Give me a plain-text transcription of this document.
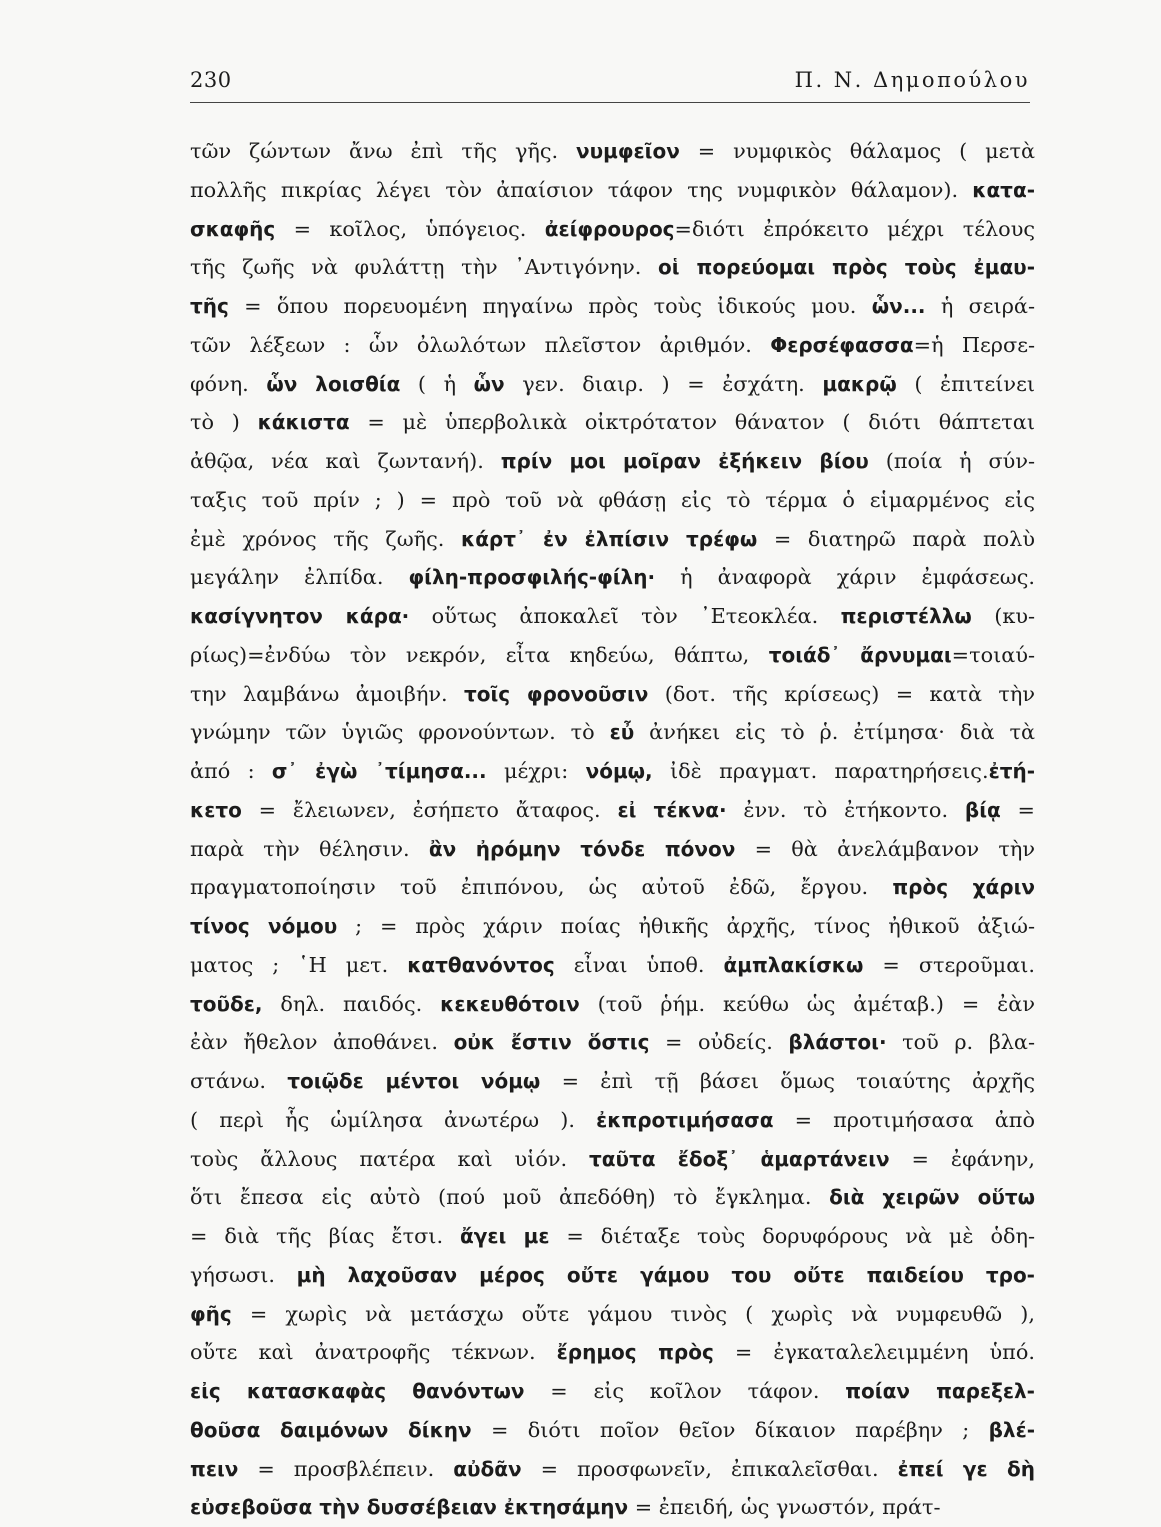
230	Π. Ν. Δημοπούλου
τῶν ζώντων ἄνω ἐπὶ τῆς γῆς. νυμφεῖον = νυμφικὸς θάλαμος ( μετὰ
πολλῆς πικρίας λέγει τὸν ἀπαίσιον τάφον της νυμφικὸν θάλαμον). κατα-
σκαφῆς = κοῖλος, ὑπόγειος. ἀείφρουρος=διότι ἐπρόκειτο μέχρι τέλους
τῆς ζωῆς νὰ φυλάττῃ τὴν ᾿Αντιγόνην. οἱ πορεύομαι πρὸς τοὺς ἐμαυ-
τῆς = ὅπου πορευομένη πηγαίνω πρὸς τοὺς ἰδικούς μου. ὧν... ἡ σειρά-
τῶν λέξεων : ὧν ὀλωλότων πλεῖστον ἀριθμόν. Φερσέφασσα=ἡ Περσε-
φόνη. ὧν λοισθία ( ἡ ὧν γεν. διαιρ. ) = ἐσχάτη. μακρῷ ( ἐπιτείνει
τὸ ) κάκιστα = μὲ ὑπερβολικὰ οἰκτρότατον θάνατον ( διότι θάπτεται
ἀθῷα, νέα καὶ ζωντανή). πρίν μοι μοῖραν ἐξήκειν βίου (ποία ἡ σύν-
ταξις τοῦ πρίν ; ) = πρὸ τοῦ νὰ φθάσῃ εἰς τὸ τέρμα ὁ εἱμαρμένος εἰς
ἐμὲ χρόνος τῆς ζωῆς. κάρτ᾽ ἐν ἐλπίσιν τρέφω = διατηρῶ παρὰ πολὺ
μεγάλην ἐλπίδα. φίλη-προσφιλής-φίλη· ἡ ἀναφορὰ χάριν ἐμφάσεως.
κασίγνητον κάρα· οὕτως ἀποκαλεῖ τὸν ᾿Ετεοκλέα. περιστέλλω (κυ-
ρίως)=ἐνδύω τὸν νεκρόν, εἶτα κηδεύω, θάπτω, τοιάδ᾽ ἄρνυμαι=τοιαύ-
την λαμβάνω ἀμοιβήν. τοῖς φρονοῦσιν (δοτ. τῆς κρίσεως) = κατὰ τὴν
γνώμην τῶν ὑγιῶς φρονούντων. τὸ εὖ ἀνήκει εἰς τὸ ῥ. ἐτίμησα· διὰ τὰ
ἀπό : σ᾽ ἐγὼ ᾽τίμησα... μέχρι: νόμῳ, ἰδὲ πραγματ. παρατηρήσεις.ἐτή-
κετο = ἔλειωνεν, ἐσήπετο ἄταφος. εἰ τέκνα· ἐνν. τὸ ἐτήκοντο. βίᾳ =
παρὰ τὴν θέλησιν. ἂν ἠρόμην τόνδε πόνον = θὰ ἀνελάμβανον τὴν
πραγματοποίησιν τοῦ ἐπιπόνου, ὡς αὐτοῦ ἐδῶ, ἔργου. πρὸς χάριν
τίνος νόμου ; = πρὸς χάριν ποίας ἠθικῆς ἀρχῆς, τίνος ἠθικοῦ ἀξιώ-
ματος ; ῾Η μετ. κατθανόντος εἶναι ὑποθ. ἀμπλακίσκω = στεροῦμαι.
τοῦδε, δηλ. παιδός. κεκευθότοιν (τοῦ ῥήμ. κεύθω ὡς ἀμέταβ.) = ἐὰν
ἐὰν ἤθελον ἀποθάνει. οὐκ ἔστιν ὅστις = οὐδείς. βλάστοι· τοῦ ρ. βλα-
στάνω. τοιῷδε μέντοι νόμῳ = ἐπὶ τῇ βάσει ὅμως τοιαύτης ἀρχῆς
( περὶ ἧς ὡμίλησα ἀνωτέρω ). ἐκπροτιμήσασα = προτιμήσασα ἀπὸ
τοὺς ἄλλους πατέρα καὶ υἱόν. ταῦτα ἔδοξ᾽ ἁμαρτάνειν = ἐφάνην,
ὅτι ἔπεσα εἰς αὐτὸ (πού μοῦ ἀπεδόθη) τὸ ἔγκλημα. διὰ χειρῶν οὕτω
= διὰ τῆς βίας ἔτσι. ἄγει με = διέταξε τοὺς δορυφόρους νὰ μὲ ὁδη-
γήσωσι. μὴ λαχοῦσαν μέρος οὔτε γάμου του οὔτε παιδείου τρο-
φῆς = χωρὶς νὰ μετάσχω οὔτε γάμου τινὸς ( χωρὶς νὰ νυμφευθῶ ),
οὔτε καὶ ἀνατροφῆς τέκνων. ἔρημος πρὸς = ἐγκαταλελειμμένη ὑπό.
εἰς κατασκαφὰς θανόντων = εἰς κοῖλον τάφον. ποίαν παρεξελ-
θοῦσα δαιμόνων δίκην = διότι ποῖον θεῖον δίκαιον παρέβην ; βλέ-
πειν = προσβλέπειν. αὐδᾶν = προσφωνεῖν, ἐπικαλεῖσθαι. ἐπεί γε δὴ
εὐσεβοῦσα τὴν δυσσέβειαν ἐκτησάμην = ἐπειδή, ὡς γνωστόν, πράτ-
